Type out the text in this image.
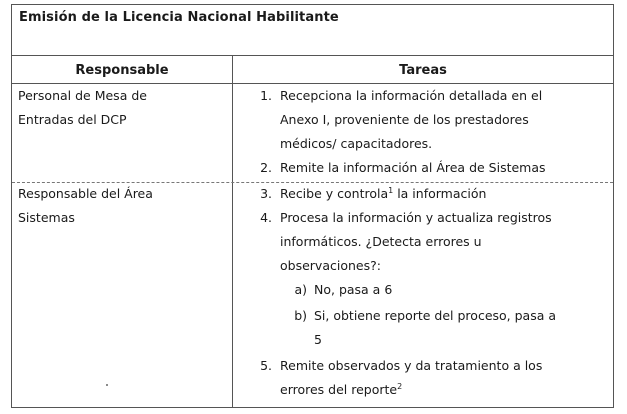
Emisión de la Licencia Nacional Habilitante
Responsable	Tareas
Personal de Mesa de
Entradas del DCP
Responsable del Área
Sistemas
1. Recepciona la información detallada en el
Anexo I, proveniente de los prestadores
médicos/ capacitadores.
2. Remite la información al Área de Sistemas
3. Recibe y controla$^1$ la información
4. Procesa la información y actualiza registros
informáticos. ¿Detecta errores u
observaciones?:
a) No, pasa a 6
b) Si, obtiene reporte del proceso, pasa a
5
5. Remite observados y da tratamiento a los
errores del reporte$^2$
